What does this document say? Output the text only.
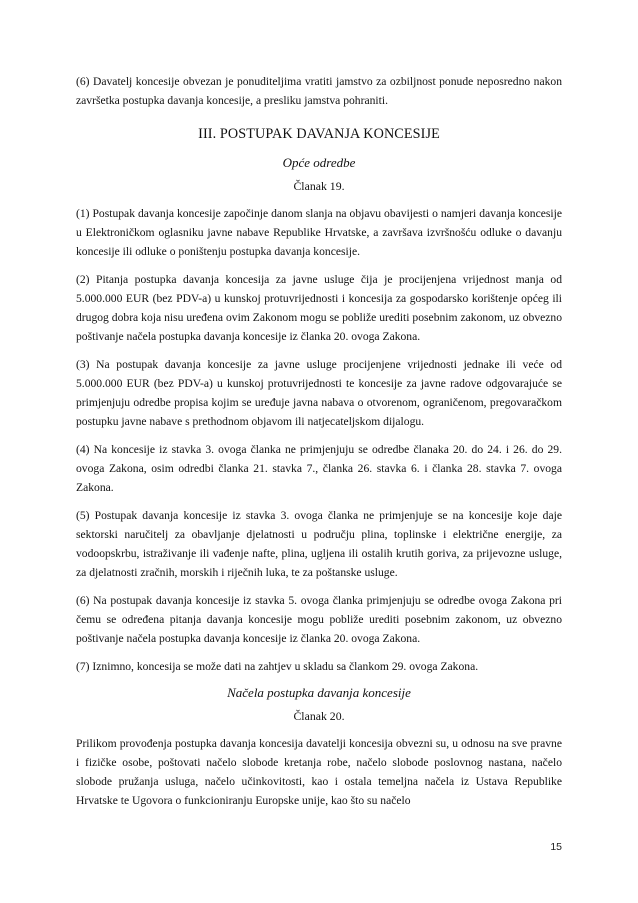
(6) Davatelj koncesije obvezan je ponuditeljima vratiti jamstvo za ozbiljnost ponude neposredno nakon završetka postupka davanja koncesije, a presliku jamstva pohraniti.

III. POSTUPAK DAVANJA KONCESIJE
Opće odredbe
Članak 19.

(1) Postupak davanja koncesije započinje danom slanja na objavu obavijesti o namjeri davanja koncesije u Elektroničkom oglasniku javne nabave Republike Hrvatske, a završava izvršnošću odluke o davanju koncesije ili odluke o poništenju postupka davanja koncesije.

(2) Pitanja postupka davanja koncesija za javne usluge čija je procijenjena vrijednost manja od 5.000.000 EUR (bez PDV-a) u kunskoj protuvrijednosti i koncesija za gospodarsko korištenje općeg ili drugog dobra koja nisu uređena ovim Zakonom mogu se pobliže urediti posebnim zakonom, uz obvezno poštivanje načela postupka davanja koncesije iz članka 20. ovoga Zakona.

(3) Na postupak davanja koncesije za javne usluge procijenjene vrijednosti jednake ili veće od 5.000.000 EUR (bez PDV-a) u kunskoj protuvrijednosti te koncesije za javne radove odgovarajuće se primjenjuju odredbe propisa kojim se uređuje javna nabava o otvorenom, ograničenom, pregovaračkom postupku javne nabave s prethodnom objavom ili natjecateljskom dijalogu.

(4) Na koncesije iz stavka 3. ovoga članka ne primjenjuju se odredbe članaka 20. do 24. i 26. do 29. ovoga Zakona, osim odredbi članka 21. stavka 7., članka 26. stavka 6. i članka 28. stavka 7. ovoga Zakona.

(5) Postupak davanja koncesije iz stavka 3. ovoga članka ne primjenjuje se na koncesije koje daje sektorski naručitelj za obavljanje djelatnosti u području plina, toplinske i električne energije, za vodoopskrbu, istraživanje ili vađenje nafte, plina, ugljena ili ostalih krutih goriva, za prijevozne usluge, za djelatnosti zračnih, morskih i riječnih luka, te za poštanske usluge.

(6) Na postupak davanja koncesije iz stavka 5. ovoga članka primjenjuju se odredbe ovoga Zakona pri čemu se određena pitanja davanja koncesije mogu pobliže urediti posebnim zakonom, uz obvezno poštivanje načela postupka davanja koncesije iz članka 20. ovoga Zakona.

(7) Iznimno, koncesija se može dati na zahtjev u skladu sa člankom 29. ovoga Zakona.

Načela postupka davanja koncesije
Članak 20.

Prilikom provođenja postupka davanja koncesija davatelji koncesija obvezni su, u odnosu na sve pravne i fizičke osobe, poštovati načelo slobode kretanja robe, načelo slobode poslovnog nastana, načelo slobode pružanja usluga, načelo učinkovitosti, kao i ostala temeljna načela iz Ustava Republike Hrvatske te Ugovora o funkcioniranju Europske unije, kao što su načelo

15
